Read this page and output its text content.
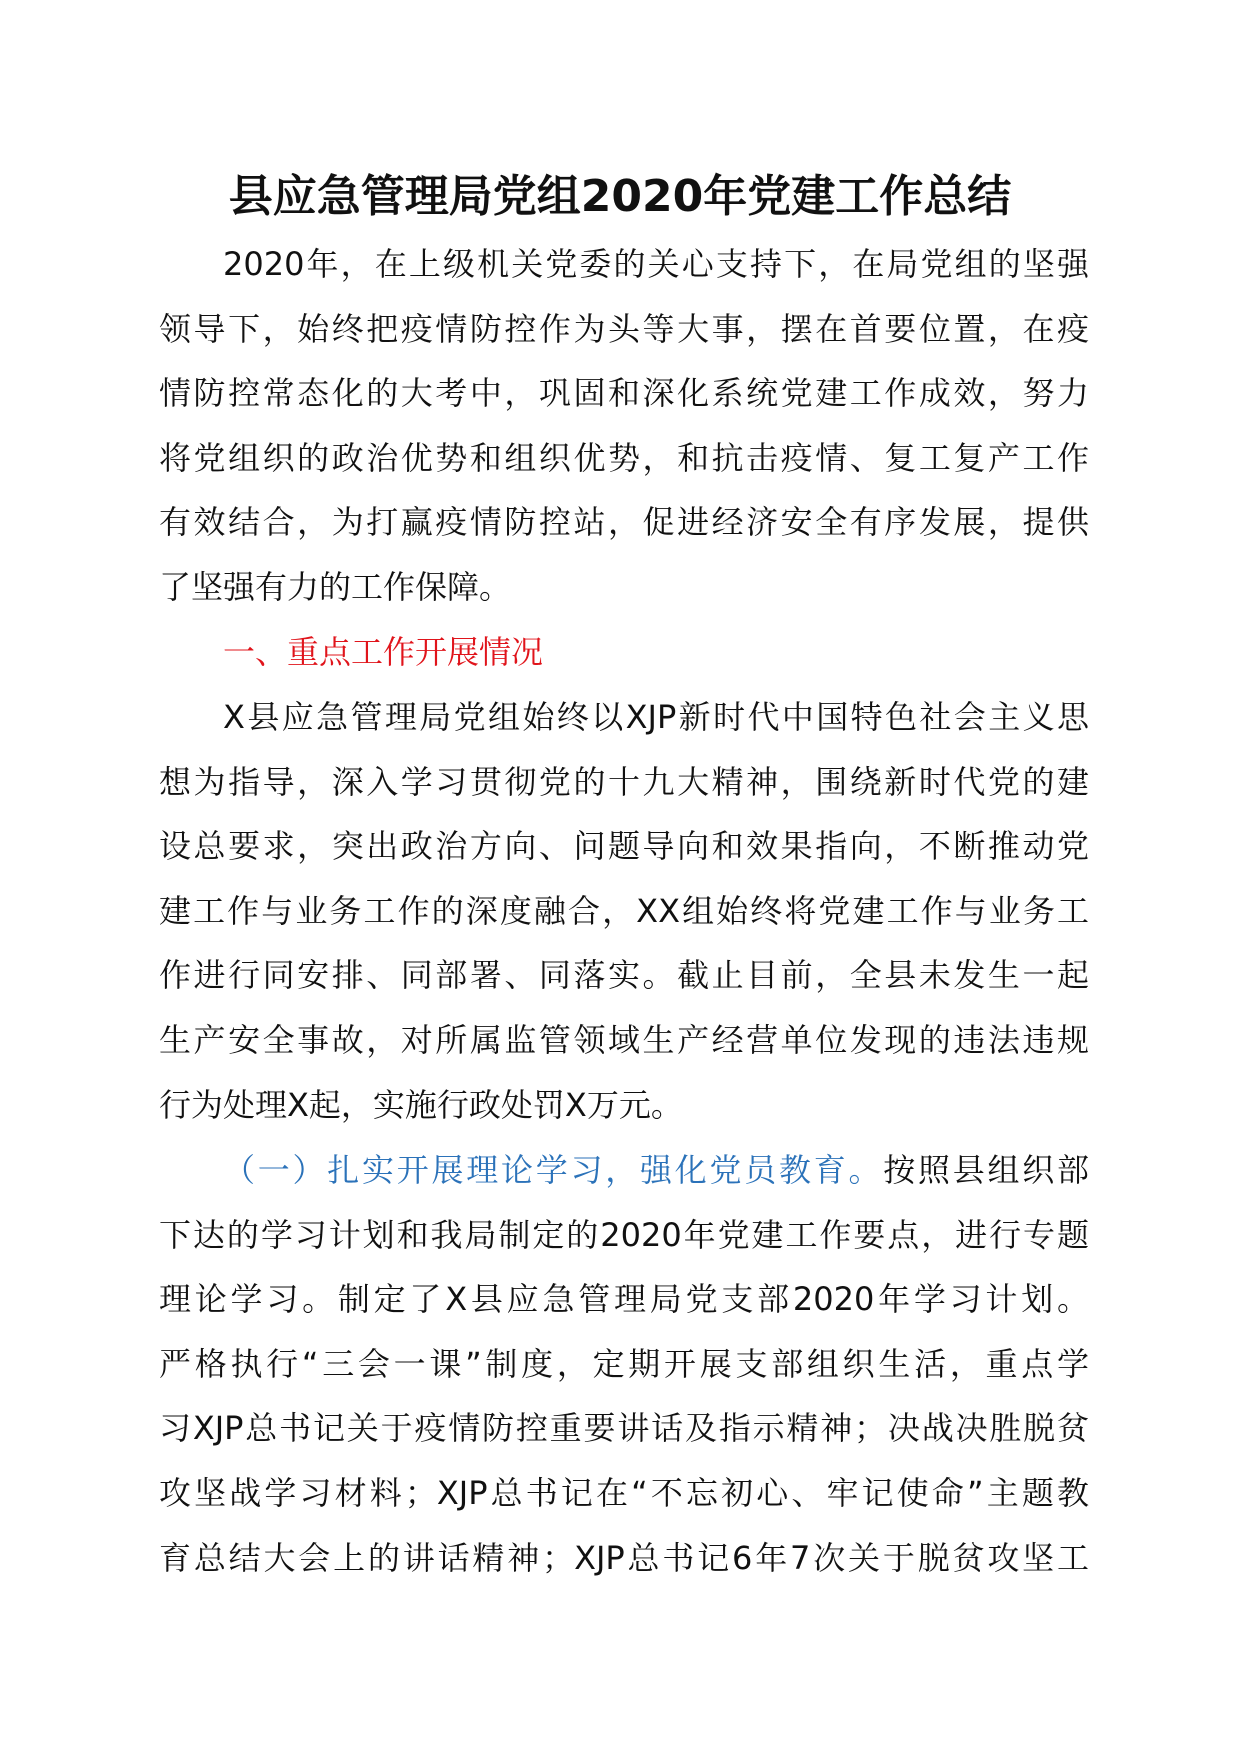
县应急管理局党组2020年党建工作总结
2020年，在上级机关党委的关心支持下，在局党组的坚强
领导下，始终把疫情防控作为头等大事，摆在首要位置，在疫
情防控常态化的大考中，巩固和深化系统党建工作成效，努力
将党组织的政治优势和组织优势，和抗击疫情、复工复产工作
有效结合，为打赢疫情防控站，促进经济安全有序发展，提供
了坚强有力的工作保障。
一、重点工作开展情况
X县应急管理局党组始终以XJP新时代中国特色社会主义思
想为指导，深入学习贯彻党的十九大精神，围绕新时代党的建
设总要求，突出政治方向、问题导向和效果指向，不断推动党
建工作与业务工作的深度融合，XX组始终将党建工作与业务工
作进行同安排、同部署、同落实。截止目前，全县未发生一起
生产安全事故，对所属监管领域生产经营单位发现的违法违规
行为处理X起，实施行政处罚X万元。
（一）扎实开展理论学习，强化党员教育。按照县组织部
下达的学习计划和我局制定的2020年党建工作要点，进行专题
理论学习。制定了X县应急管理局党支部2020年学习计划。
严格执行“三会一课”制度，定期开展支部组织生活，重点学
习XJP总书记关于疫情防控重要讲话及指示精神；决战决胜脱贫
攻坚战学习材料；XJP总书记在“不忘初心、牢记使命”主题教
育总结大会上的讲话精神；XJP总书记6年7次关于脱贫攻坚工
